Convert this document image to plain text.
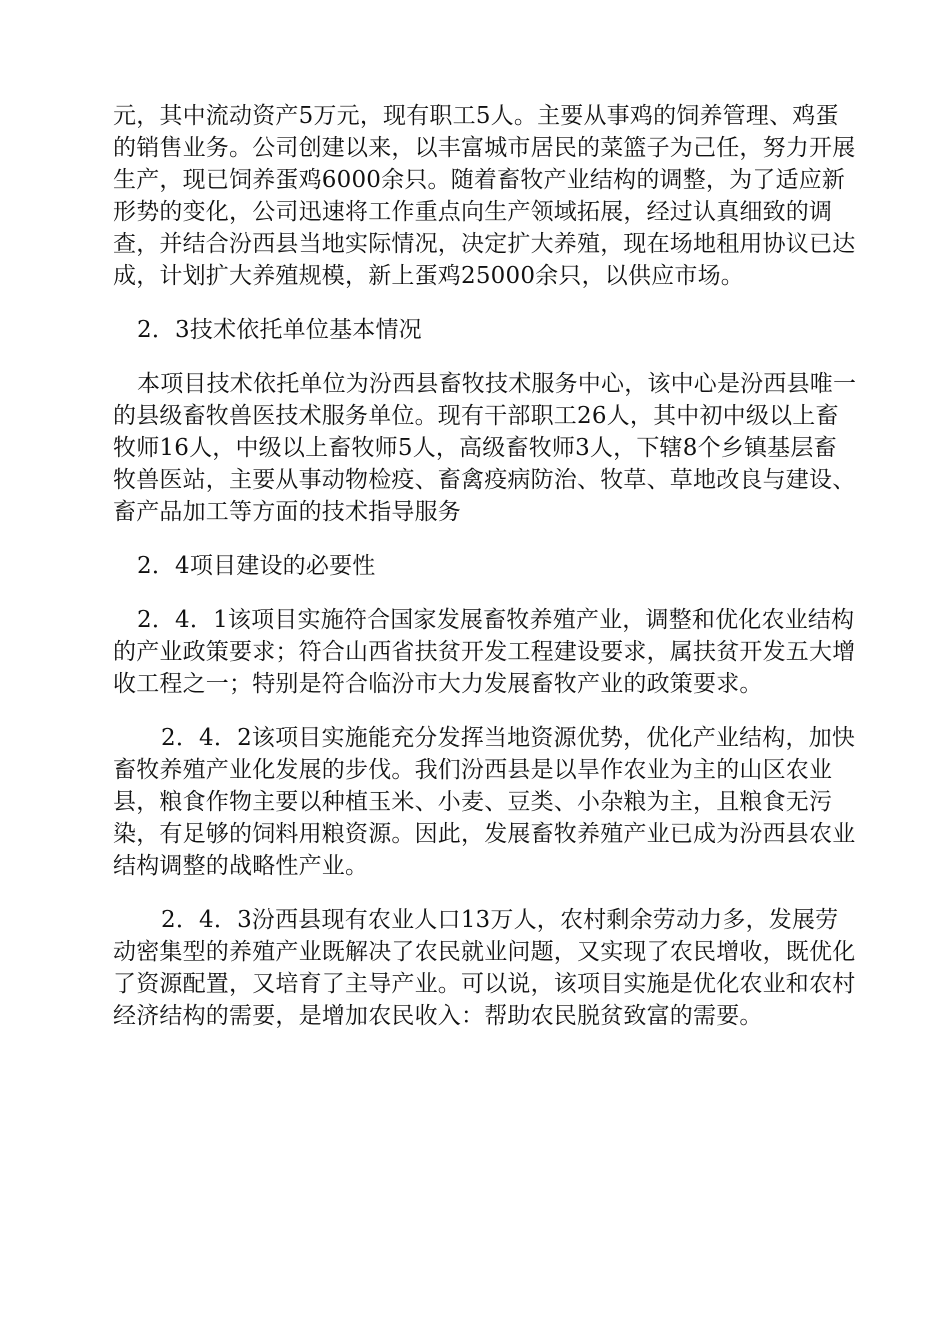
元，其中流动资产5万元，现有职工5人。主要从事鸡的饲养管理、鸡蛋的销售业务。公司创建以来，以丰富城市居民的菜篮子为己任，努力开展生产，现已饲养蛋鸡6000余只。随着畜牧产业结构的调整，为了适应新形势的变化，公司迅速将工作重点向生产领域拓展，经过认真细致的调查，并结合汾西县当地实际情况，决定扩大养殖，现在场地租用协议已达成，计划扩大养殖规模，新上蛋鸡25000余只，以供应市场。

2．3技术依托单位基本情况

本项目技术依托单位为汾西县畜牧技术服务中心，该中心是汾西县唯一的县级畜牧兽医技术服务单位。现有干部职工26人，其中初中级以上畜牧师16人，中级以上畜牧师5人，高级畜牧师3人，下辖8个乡镇基层畜牧兽医站，主要从事动物检疫、畜禽疫病防治、牧草、草地改良与建设、畜产品加工等方面的技术指导服务

2．4项目建设的必要性

2．4．1该项目实施符合国家发展畜牧养殖产业，调整和优化农业结构的产业政策要求；符合山西省扶贫开发工程建设要求，属扶贫开发五大增收工程之一；特别是符合临汾市大力发展畜牧产业的政策要求。

2．4．2该项目实施能充分发挥当地资源优势，优化产业结构，加快畜牧养殖产业化发展的步伐。我们汾西县是以旱作农业为主的山区农业县，粮食作物主要以种植玉米、小麦、豆类、小杂粮为主，且粮食无污染，有足够的饲料用粮资源。因此，发展畜牧养殖产业已成为汾西县农业结构调整的战略性产业。

2．4．3汾西县现有农业人口13万人，农村剩余劳动力多，发展劳动密集型的养殖产业既解决了农民就业问题，又实现了农民增收，既优化了资源配置，又培育了主导产业。可以说，该项目实施是优化农业和农村经济结构的需要，是增加农民收入：帮助农民脱贫致富的需要。
